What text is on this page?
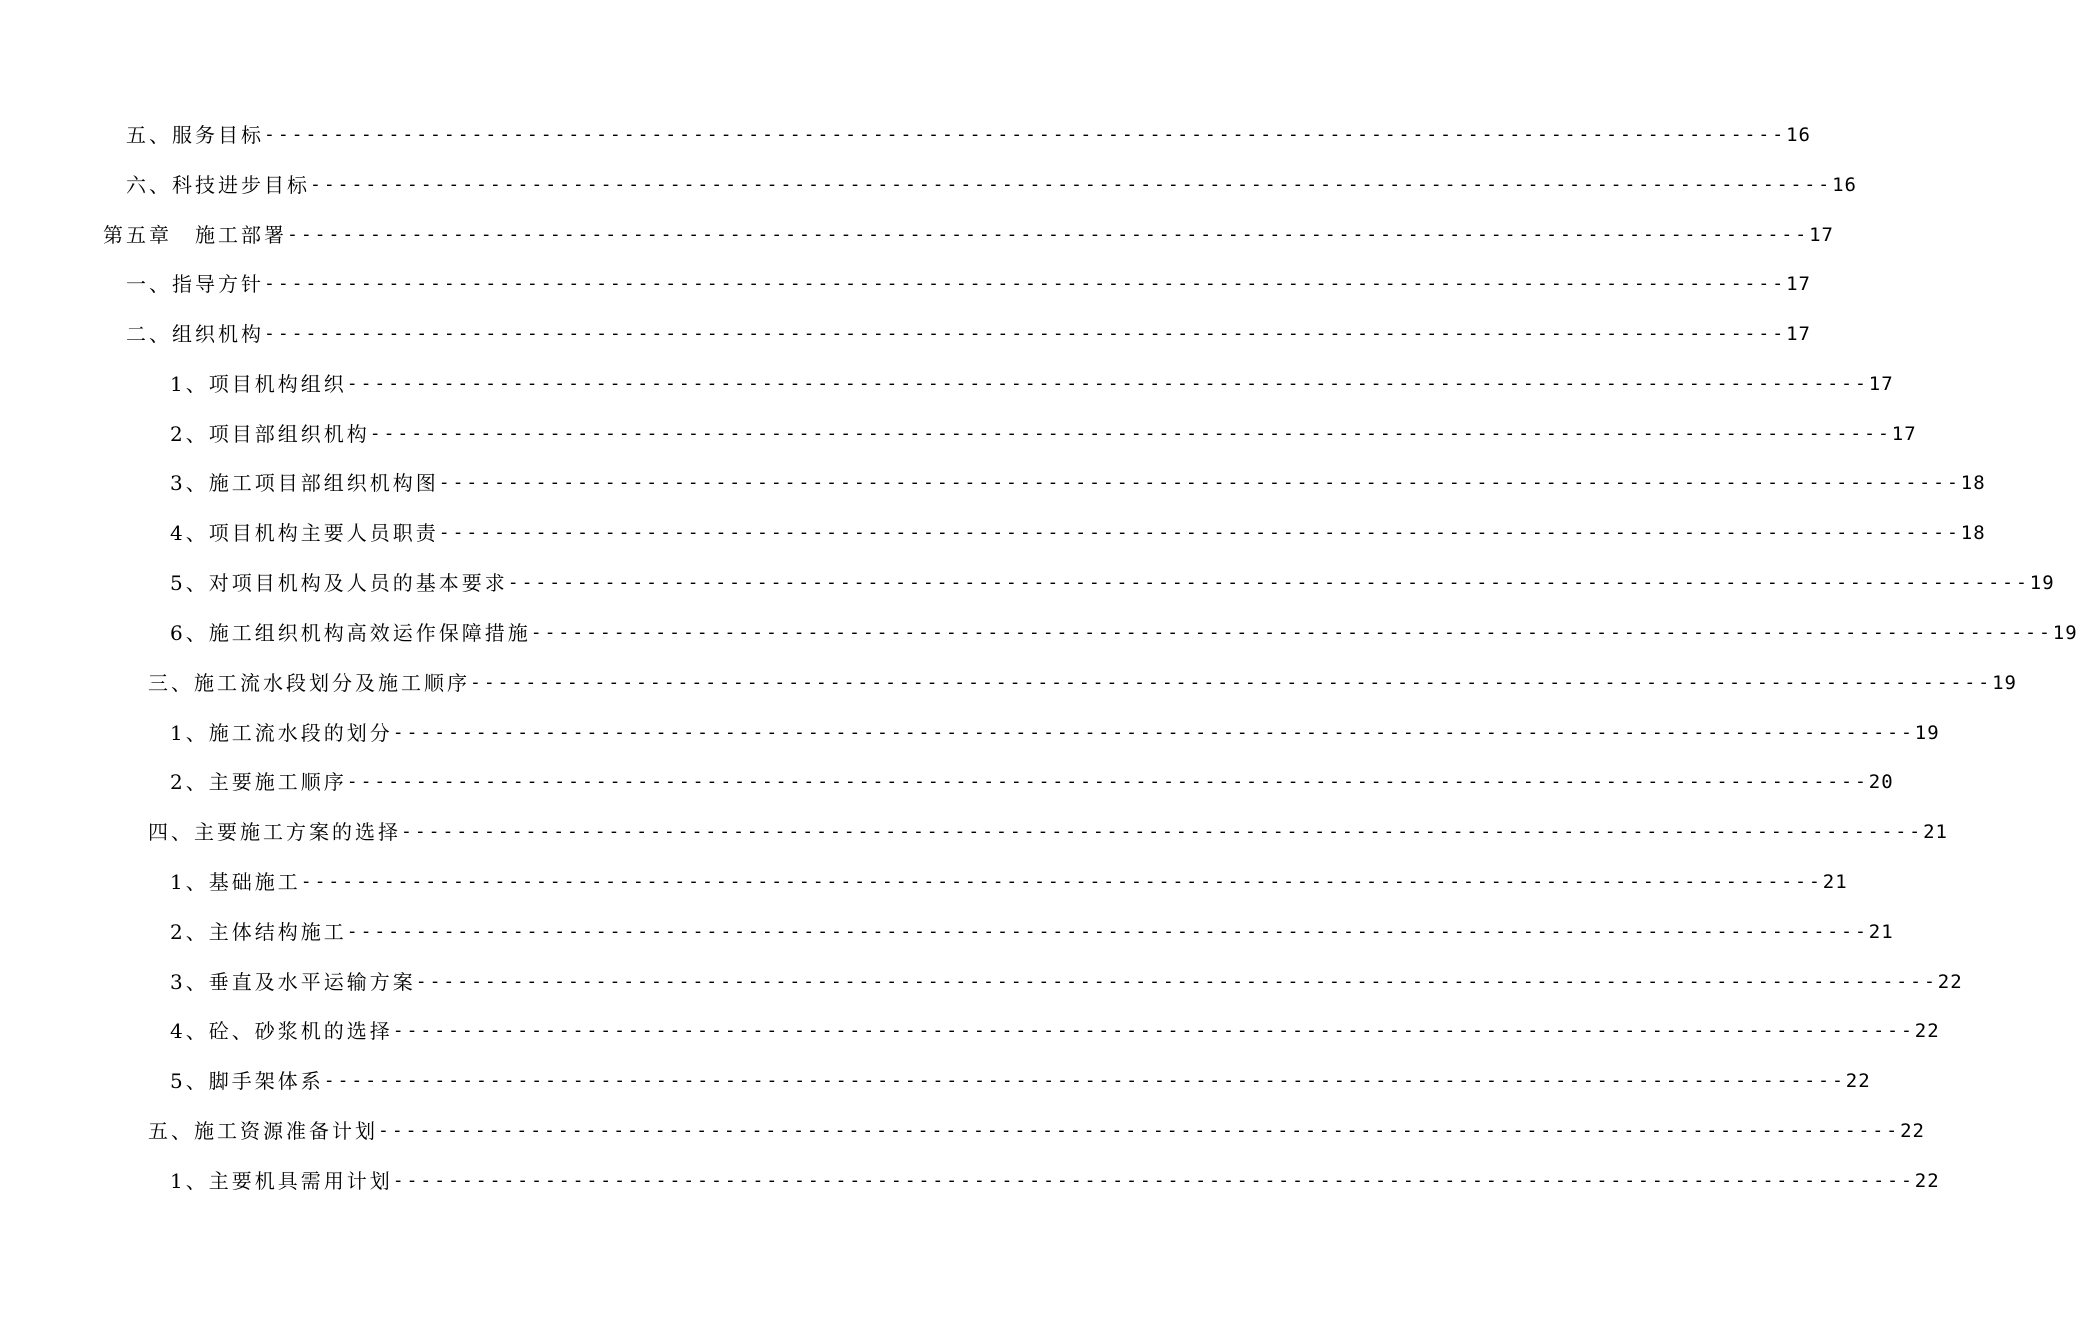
五、服务目标 -------------------------------------------------------------------------------------------------------------- 16
六、科技进步目标 -------------------------------------------------------------------------------------------------------------- 16
第五章　施工部署 -------------------------------------------------------------------------------------------------------------- 17
一、指导方针 -------------------------------------------------------------------------------------------------------------- 17
二、组织机构 -------------------------------------------------------------------------------------------------------------- 17
1、项目机构组织 -------------------------------------------------------------------------------------------------------------- 17
2、项目部组织机构 -------------------------------------------------------------------------------------------------------------- 17
3、施工项目部组织机构图 -------------------------------------------------------------------------------------------------------------- 18
4、项目机构主要人员职责 -------------------------------------------------------------------------------------------------------------- 18
5、对项目机构及人员的基本要求 -------------------------------------------------------------------------------------------------------------- 19
6、施工组织机构高效运作保障措施 -------------------------------------------------------------------------------------------------------------- 19
三、施工流水段划分及施工顺序 -------------------------------------------------------------------------------------------------------------- 19
1、施工流水段的划分 -------------------------------------------------------------------------------------------------------------- 19
2、主要施工顺序 -------------------------------------------------------------------------------------------------------------- 20
四、主要施工方案的选择 -------------------------------------------------------------------------------------------------------------- 21
1、基础施工 -------------------------------------------------------------------------------------------------------------- 21
2、主体结构施工 -------------------------------------------------------------------------------------------------------------- 21
3、垂直及水平运输方案 -------------------------------------------------------------------------------------------------------------- 22
4、砼、砂浆机的选择 -------------------------------------------------------------------------------------------------------------- 22
5、脚手架体系 -------------------------------------------------------------------------------------------------------------- 22
五、施工资源准备计划 -------------------------------------------------------------------------------------------------------------- 22
1、主要机具需用计划 -------------------------------------------------------------------------------------------------------------- 22
